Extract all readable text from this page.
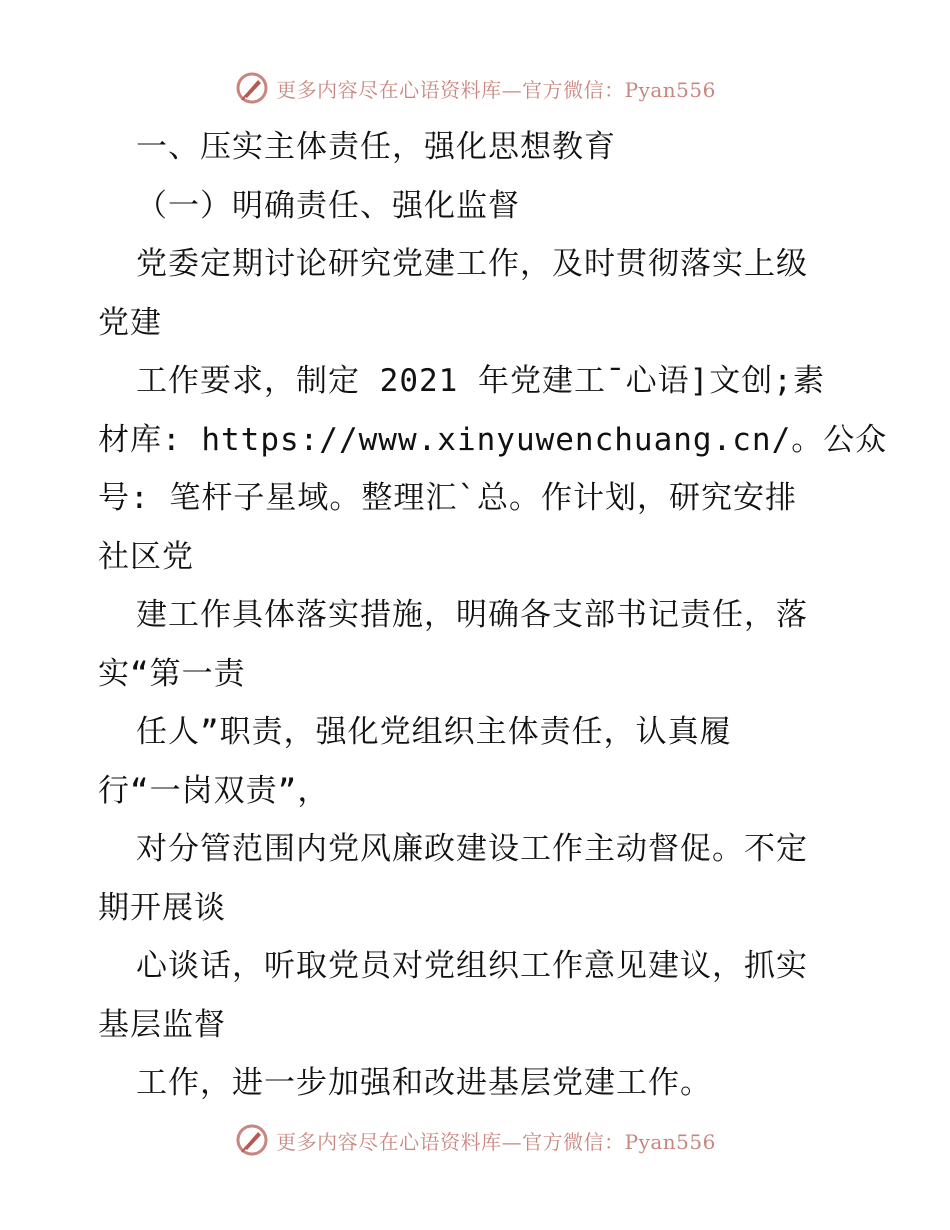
更多内容尽在心语资料库—官方微信：Pyan556
一、压实主体责任，强化思想教育
（一）明确责任、强化监督
党委定期讨论研究党建工作，及时贯彻落实上级
党建
工作要求，制定 2021 年党建工¯心语]文创;素
材库: https://www.xinyuwenchuang.cn/。公众
号: 笔杆子星域。整理汇`总。作计划，研究安排
社区党
建工作具体落实措施，明确各支部书记责任，落
实“第一责
任人”职责，强化党组织主体责任，认真履
行“一岗双责”，
对分管范围内党风廉政建设工作主动督促。不定
期开展谈
心谈话，听取党员对党组织工作意见建议，抓实
基层监督
工作，进一步加强和改进基层党建工作。
更多内容尽在心语资料库—官方微信：Pyan556
